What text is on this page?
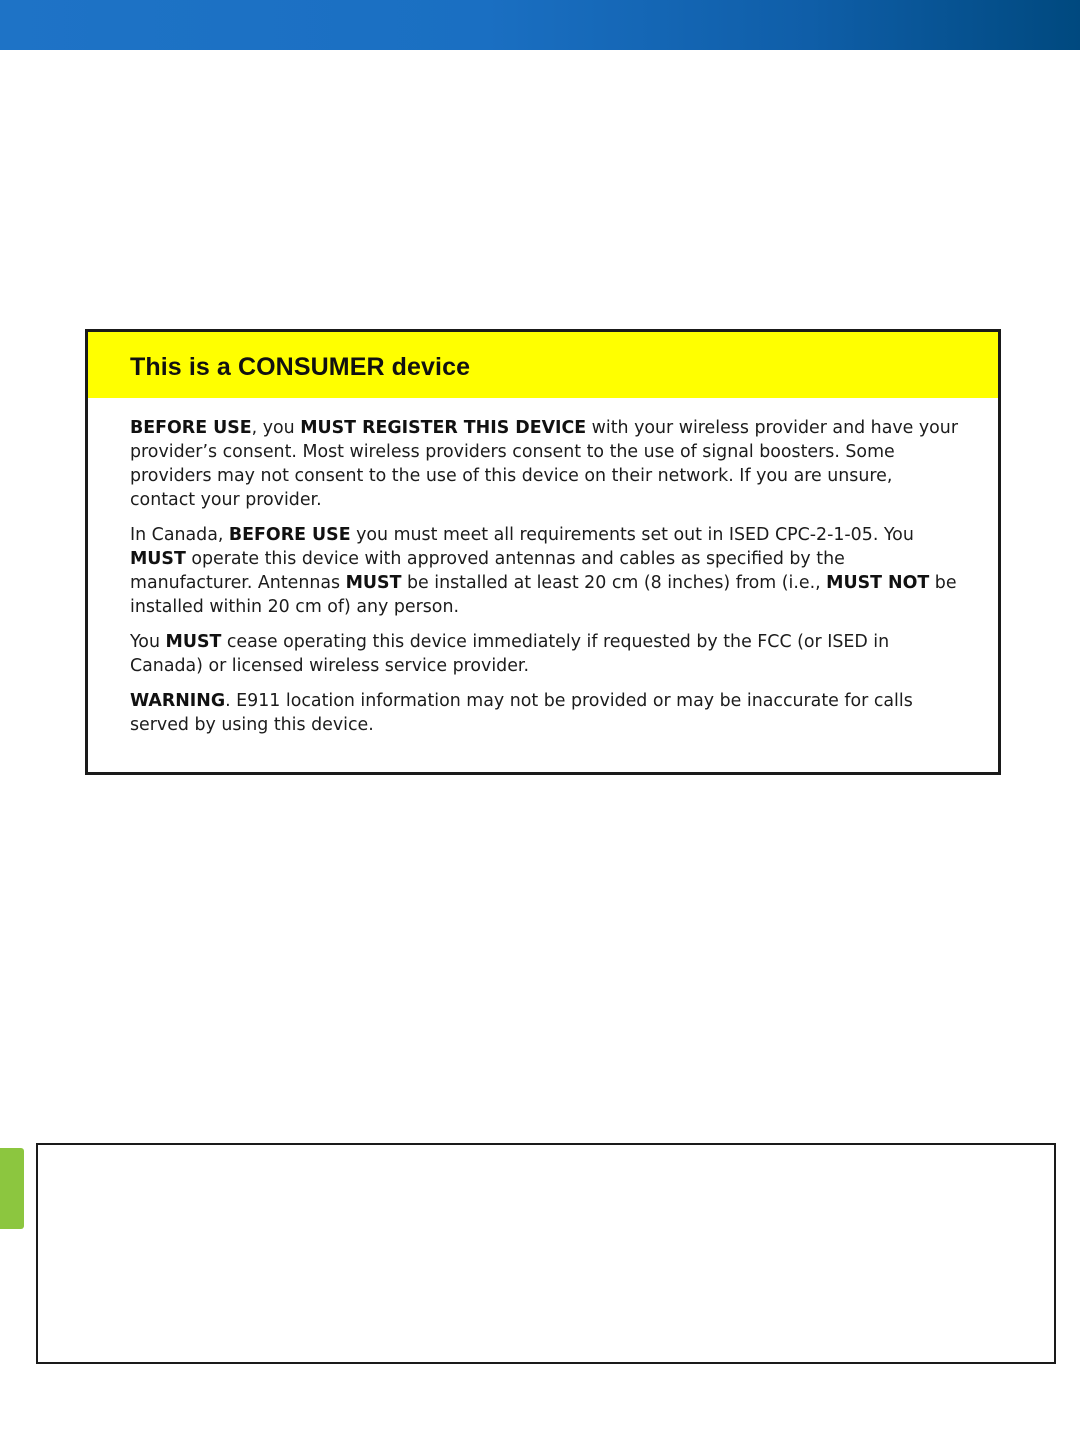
This is a CONSUMER device

BEFORE USE, you MUST REGISTER THIS DEVICE with your wireless provider and have your provider’s consent. Most wireless providers consent to the use of signal boosters. Some providers may not consent to the use of this device on their network. If you are unsure, contact your provider.

In Canada, BEFORE USE you must meet all requirements set out in ISED CPC-2-1-05. You MUST operate this device with approved antennas and cables as specified by the manufacturer. Antennas MUST be installed at least 20 cm (8 inches) from (i.e., MUST NOT be installed within 20 cm of) any person.

You MUST cease operating this device immediately if requested by the FCC (or ISED in Canada) or licensed wireless service provider.

WARNING. E911 location information may not be provided or may be inaccurate for calls served by using this device.
